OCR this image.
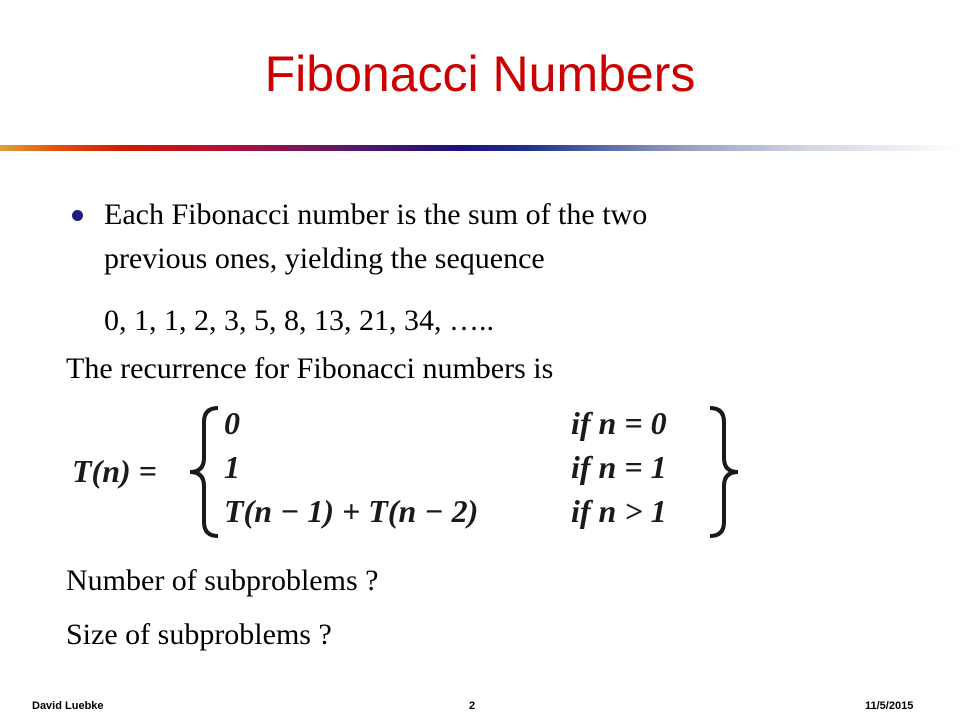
Fibonacci Numbers
Each Fibonacci number is the sum of the two
previous ones, yielding the sequence
0, 1, 1, 2, 3, 5, 8, 13, 21, 34, …..
The recurrence for Fibonacci numbers is
T(n) =
0
1
T(n − 1) + T(n − 2)
if n = 0
if n = 1
if n > 1
Number of subproblems ?
Size of subproblems ?
David Luebke	2	11/5/2015
